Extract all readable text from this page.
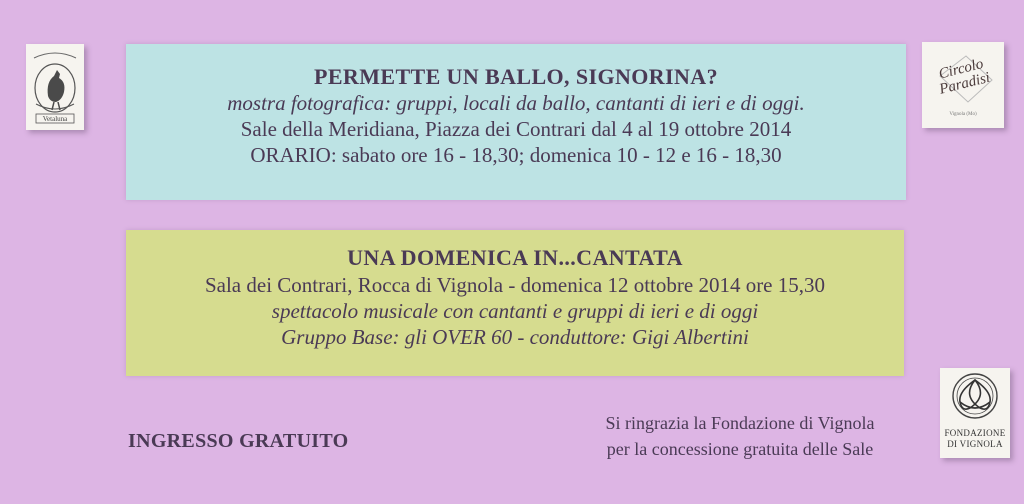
Vetaluna
Circolo Paradisi
Vignola (Mo)
PERMETTE UN BALLO, SIGNORINA?
mostra fotografica: gruppi, locali da ballo, cantanti di ieri e di oggi.
Sale della Meridiana, Piazza dei Contrari dal 4 al 19 ottobre 2014
ORARIO: sabato ore 16 - 18,30; domenica 10 - 12 e 16 - 18,30
UNA DOMENICA IN...CANTATA
Sala dei Contrari, Rocca di Vignola - domenica 12 ottobre 2014 ore 15,30
spettacolo musicale con cantanti e gruppi di ieri e di oggi
Gruppo Base: gli OVER 60 - conduttore: Gigi Albertini
INGRESSO GRATUITO
Si ringrazia la Fondazione di Vignola
per la concessione gratuita delle Sale
FONDAZIONE
DI VIGNOLA
